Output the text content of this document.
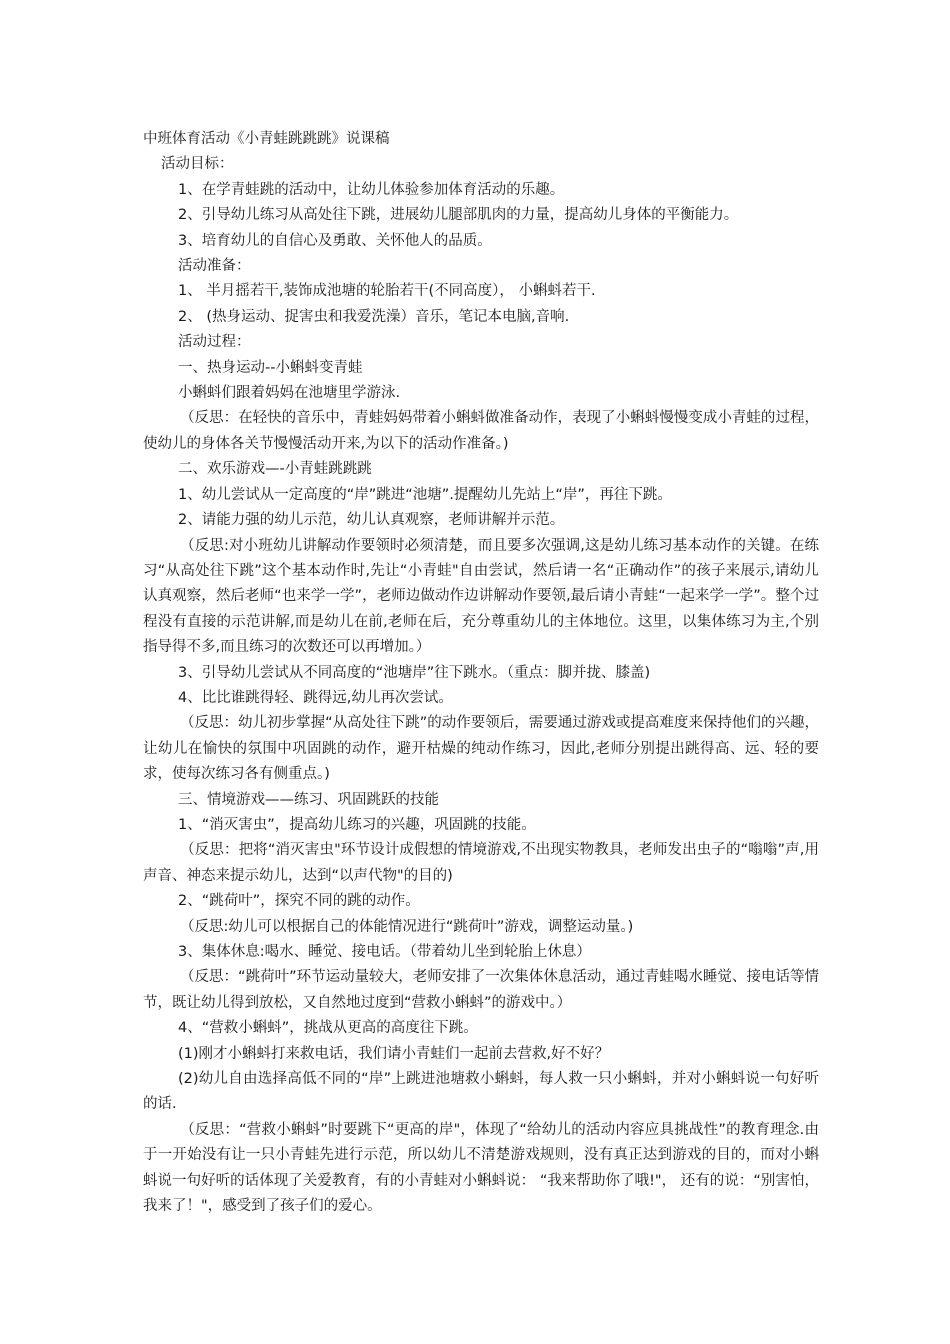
中班体育活动《小青蛙跳跳跳》说课稿
活动目标：
1、在学青蛙跳的活动中，让幼儿体验参加体育活动的乐趣。
2、引导幼儿练习从高处往下跳，进展幼儿腿部肌肉的力量，提高幼儿身体的平衡能力。
3、培育幼儿的自信心及勇敢、关怀他人的品质。
活动准备：
1、 半月摇若干,装饰成池塘的轮胎若干(不同高度）， 小蝌蚪若干.
2、 (热身运动、捉害虫和我爱洗澡）音乐，笔记本电脑,音响.
活动过程：
一、热身运动--小蝌蚪变青蛙
小蝌蚪们跟着妈妈在池塘里学游泳.
（反思：在轻快的音乐中，青蛙妈妈带着小蝌蚪做准备动作，表现了小蝌蚪慢慢变成小青蛙的过程，使幼儿的身体各关节慢慢活动开来,为以下的活动作准备。)
二、欢乐游戏—-小青蛙跳跳跳
1、幼儿尝试从一定高度的“岸”跳进“池塘”.提醒幼儿先站上“岸”，再往下跳。
2、请能力强的幼儿示范，幼儿认真观察，老师讲解并示范。
（反思:对小班幼儿讲解动作要领时必须清楚，而且要多次强调,这是幼儿练习基本动作的关键。在练习“从高处往下跳”这个基本动作时,先让“小青蛙"自由尝试，然后请一名“正确动作”的孩子来展示,请幼儿认真观察，然后老师“也来学一学”，老师边做动作边讲解动作要领,最后请小青蛙“一起来学一学”。整个过程没有直接的示范讲解,而是幼儿在前,老师在后，充分尊重幼儿的主体地位。这里，以集体练习为主,个别指导得不多,而且练习的次数还可以再增加。）
3、引导幼儿尝试从不同高度的“池塘岸”往下跳水。（重点：脚并拢、膝盖)
4、比比谁跳得轻、跳得远,幼儿再次尝试。
（反思：幼儿初步掌握“从高处往下跳”的动作要领后，需要通过游戏或提高难度来保持他们的兴趣，让幼儿在愉快的氛围中巩固跳的动作，避开枯燥的纯动作练习，因此,老师分别提出跳得高、远、轻的要求，使每次练习各有侧重点。)
三、情境游戏——练习、巩固跳跃的技能
1、“消灭害虫”，提高幼儿练习的兴趣，巩固跳的技能。
（反思：把将“消灭害虫"环节设计成假想的情境游戏,不出现实物教具，老师发出虫子的“嗡嗡”声,用声音、神态来提示幼儿，达到“以声代物"的目的)
2、“跳荷叶”，探究不同的跳的动作。
（反思:幼儿可以根据自己的体能情况进行“跳荷叶”游戏，调整运动量。)
3、集体休息:喝水、睡觉、接电话。（带着幼儿坐到轮胎上休息）
（反思：“跳荷叶”环节运动量较大，老师安排了一次集体休息活动，通过青蛙喝水睡觉、接电话等情节，既让幼儿得到放松，又自然地过度到“营救小蝌蚪”的游戏中。）
4、“营救小蝌蚪”，挑战从更高的高度往下跳。
(1)刚才小蝌蚪打来救电话，我们请小青蛙们一起前去营救,好不好？
(2)幼儿自由选择高低不同的“岸”上跳进池塘救小蝌蚪，每人救一只小蝌蚪，并对小蝌蚪说一句好听的话.
（反思：“营救小蝌蚪”时要跳下“更高的岸"，体现了“给幼儿的活动内容应具挑战性”的教育理念.由于一开始没有让一只小青蛙先进行示范，所以幼儿不清楚游戏规则，没有真正达到游戏的目的，而对小蝌蚪说一句好听的话体现了关爱教育，有的小青蛙对小蝌蚪说： “我来帮助你了哦!"， 还有的说：“别害怕，我来了！"，感受到了孩子们的爱心。
